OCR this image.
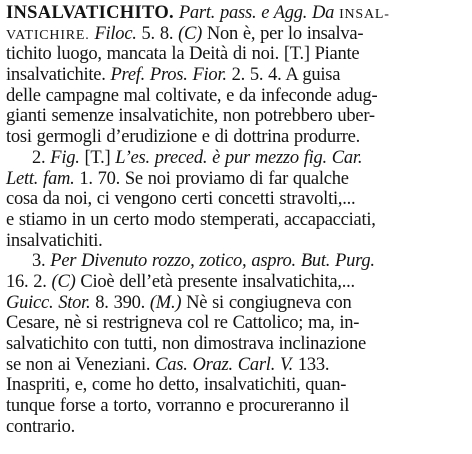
INSALVATICHITO. Part. pass. e Agg. Da INSAL-
VATICHIRE. Filoc. 5. 8. (C) Non è, per lo insalva-
tichito luogo, mancata la Deità di noi. [T.] Piante
insalvatichite. Pref. Pros. Fior. 2. 5. 4. A guisa
delle campagne mal coltivate, e da infeconde adug-
gianti semenze insalvatichite, non potrebbero uber-
tosi germogli d’erudizione e di dottrina produrre.
2. Fig. [T.] L’es. preced. è pur mezzo fig. Car.
Lett. fam. 1. 70. Se noi proviamo di far qualche
cosa da noi, ci vengono certi concetti stravolti,...
e stiamo in un certo modo stemperati, accapacciati,
insalvatichiti.
3. Per Divenuto rozzo, zotico, aspro. But. Purg.
16. 2. (C) Cioè dell’età presente insalvatichita,...
Guicc. Stor. 8. 390. (M.) Nè si congiugneva con
Cesare, nè si restrigneva col re Cattolico; ma, in-
salvatichito con tutti, non dimostrava inclinazione
se non ai Veneziani. Cas. Oraz. Carl. V. 133.
Inaspriti, e, come ho detto, insalvatichiti, quan-
tunque forse a torto, vorranno e procureranno il
contrario.
